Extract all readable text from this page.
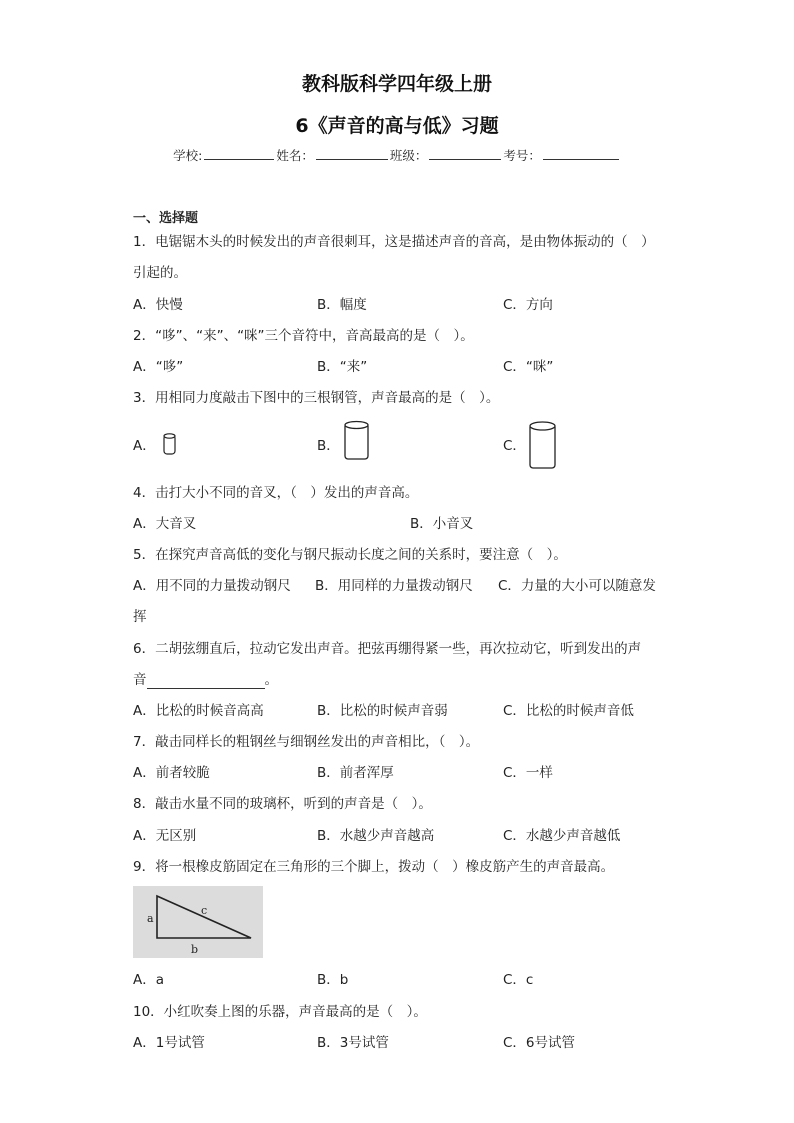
教科版科学四年级上册
6《声音的高与低》习题
学校:	姓名：	班级：	考号：
一、选择题
1．电锯锯木头的时候发出的声音很刺耳，这是描述声音的音高，是由物体振动的（　）
引起的。
A．快慢	B．幅度	C．方向
2．“哆”、“来”、“咪”三个音符中，音高最高的是（　）。
A．“哆”	B．“来”	C．“咪”
3．用相同力度敲击下图中的三根钢管，声音最高的是（　）。
A．	B．	C．
4．击打大小不同的音叉，（　）发出的声音高。
A．大音叉	B．小音叉
5．在探究声音高低的变化与钢尺振动长度之间的关系时，要注意（　）。
A．用不同的力量拨动钢尺 B．用同样的力量拨动钢尺 C．力量的大小可以随意发
挥
6．二胡弦绷直后，拉动它发出声音。把弦再绷得紧一些，再次拉动它，听到发出的声
音	。
A．比松的时候音高高	B．比松的时候声音弱	C．比松的时候声音低
7．敲击同样长的粗钢丝与细钢丝发出的声音相比，（　）。
A．前者较脆	B．前者浑厚	C．一样
8．敲击水量不同的玻璃杯，听到的声音是（　）。
A．无区别	B．水越少声音越高	C．水越少声音越低
9．将一根橡皮筋固定在三角形的三个脚上，拨动（　）橡皮筋产生的声音最高。
a
c
b
A．a	B．b	C．c
10．小红吹奏上图的乐器，声音最高的是（　）。
A．1号试管	B．3号试管	C．6号试管
